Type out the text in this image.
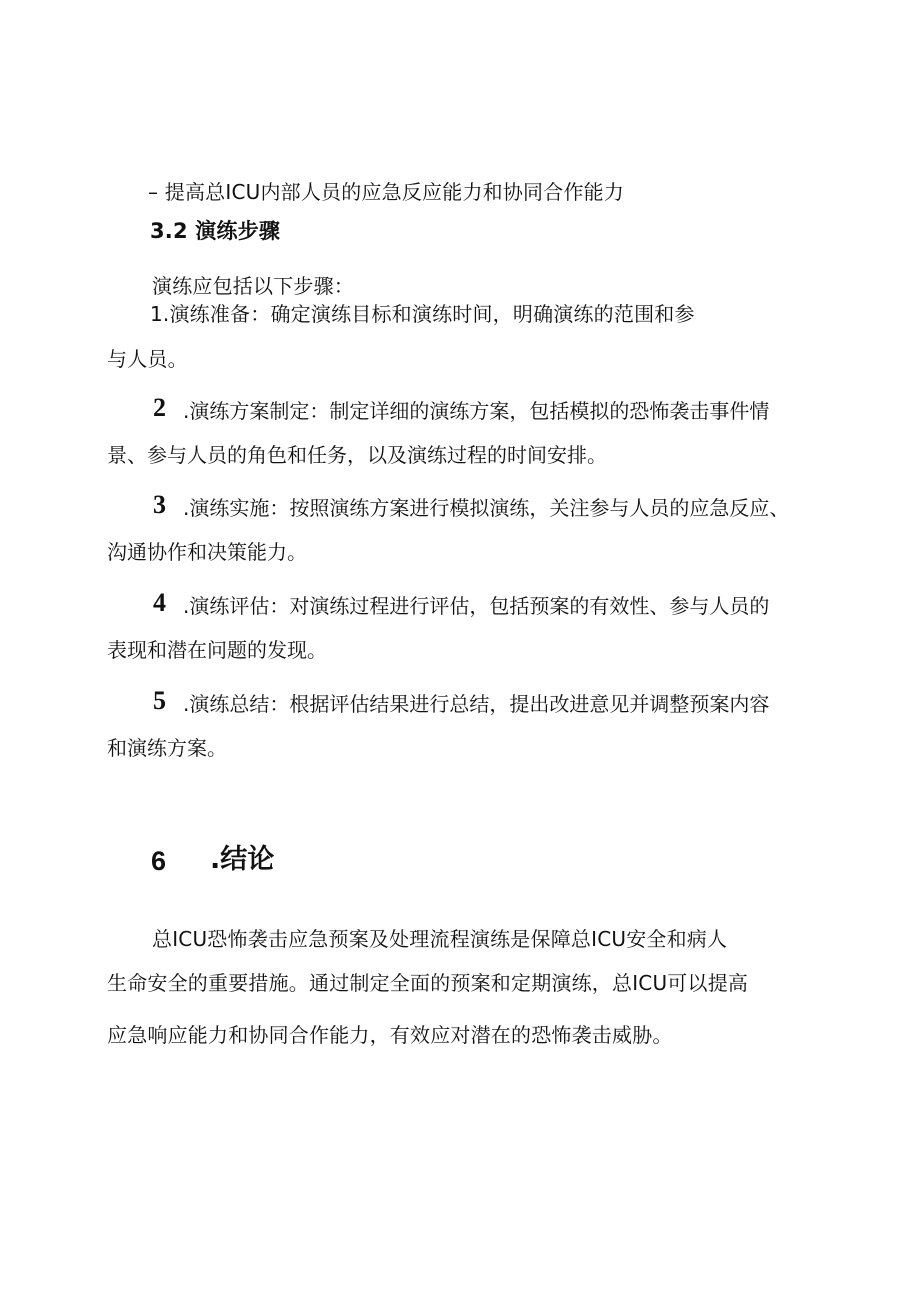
– 提高总ICU内部人员的应急反应能力和协同合作能力
3.2 演练步骤
演练应包括以下步骤：
1.演练准备：确定演练目标和演练时间，明确演练的范围和参
与人员。
2 .演练方案制定：制定详细的演练方案，包括模拟的恐怖袭击事件情
景、参与人员的角色和任务，以及演练过程的时间安排。
3 .演练实施：按照演练方案进行模拟演练，关注参与人员的应急反应、
沟通协作和决策能力。
4 .演练评估：对演练过程进行评估，包括预案的有效性、参与人员的
表现和潜在问题的发现。
5 .演练总结：根据评估结果进行总结，提出改进意见并调整预案内容
和演练方案。
6 .结论
总ICU恐怖袭击应急预案及处理流程演练是保障总ICU安全和病人
生命安全的重要措施。通过制定全面的预案和定期演练，总ICU可以提高
应急响应能力和协同合作能力，有效应对潜在的恐怖袭击威胁。
